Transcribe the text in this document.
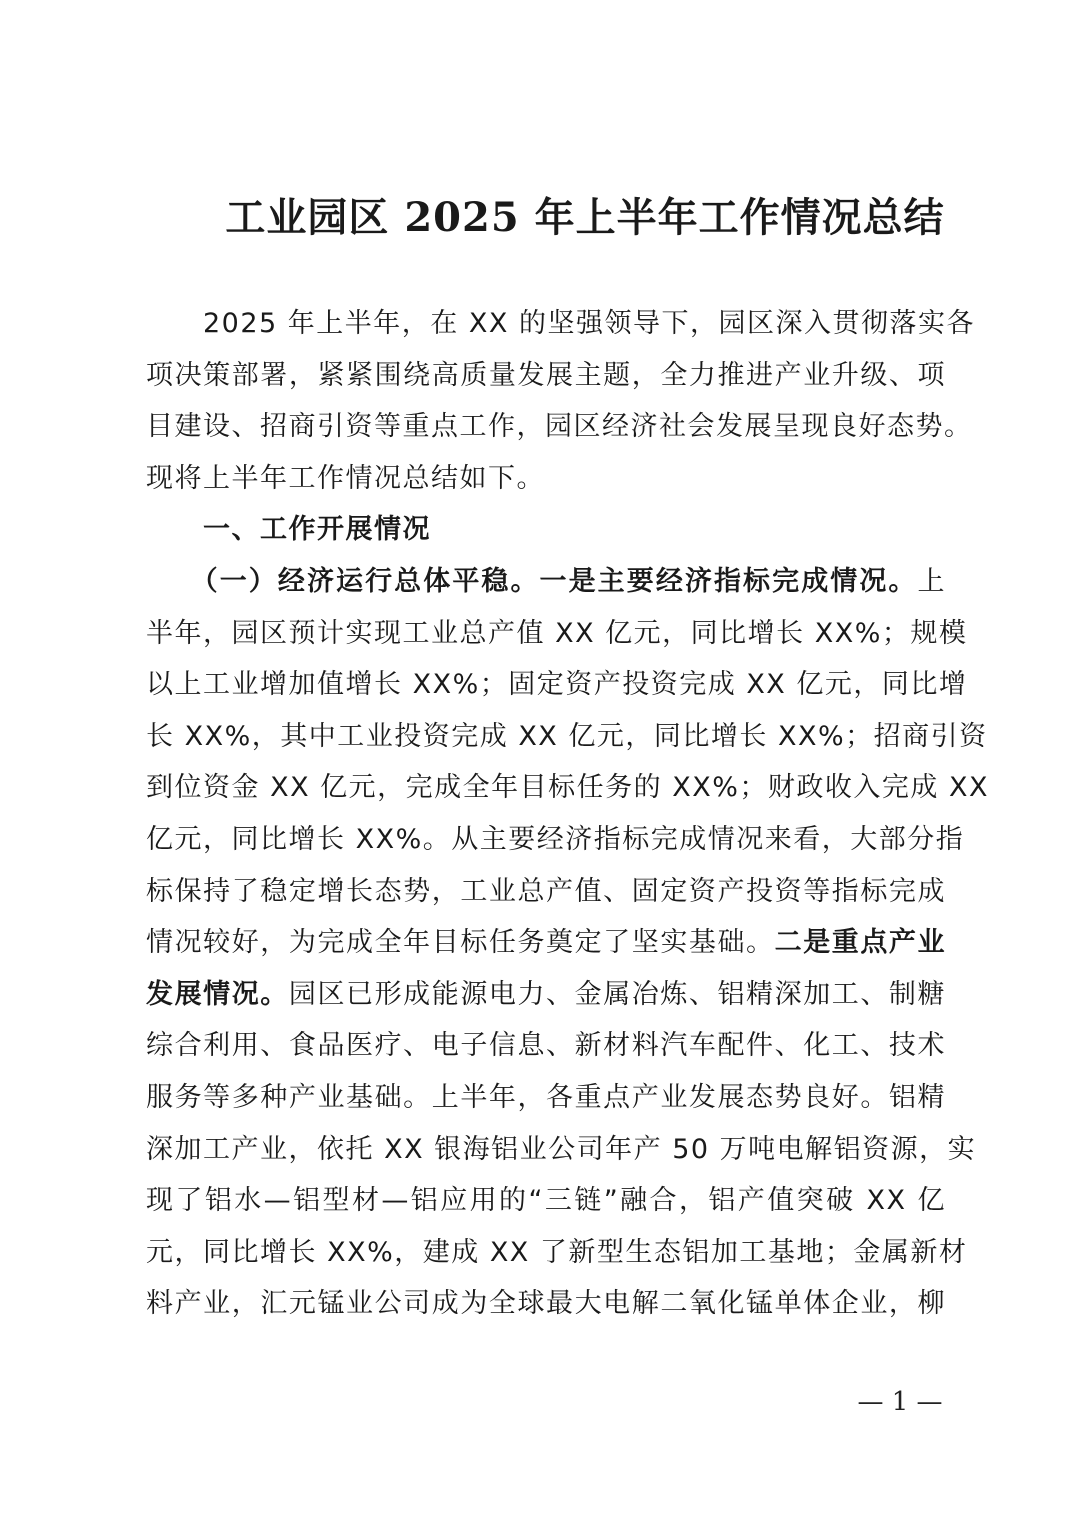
工业园区 2025 年上半年工作情况总结
　　2025 年上半年，在 XX 的坚强领导下，园区深入贯彻落实各
项决策部署，紧紧围绕高质量发展主题，全力推进产业升级、项
目建设、招商引资等重点工作，园区经济社会发展呈现良好态势。
现将上半年工作情况总结如下。
　　一、工作开展情况
　　（一）经济运行总体平稳。一是主要经济指标完成情况。上
半年，园区预计实现工业总产值 XX 亿元，同比增长 XX%；规模
以上工业增加值增长 XX%；固定资产投资完成 XX 亿元，同比增
长 XX%，其中工业投资完成 XX 亿元，同比增长 XX%；招商引资
到位资金 XX 亿元，完成全年目标任务的 XX%；财政收入完成 XX
亿元，同比增长 XX%。从主要经济指标完成情况来看，大部分指
标保持了稳定增长态势，工业总产值、固定资产投资等指标完成
情况较好，为完成全年目标任务奠定了坚实基础。二是重点产业
发展情况。园区已形成能源电力、金属冶炼、铝精深加工、制糖
综合利用、食品医疗、电子信息、新材料汽车配件、化工、技术
服务等多种产业基础。上半年，各重点产业发展态势良好。铝精
深加工产业，依托 XX 银海铝业公司年产 50 万吨电解铝资源，实
现了铝水—铝型材—铝应用的“三链”融合，铝产值突破 XX 亿
元，同比增长 XX%，建成 XX 了新型生态铝加工基地；金属新材
料产业，汇元锰业公司成为全球最大电解二氧化锰单体企业，柳
— 1 —
